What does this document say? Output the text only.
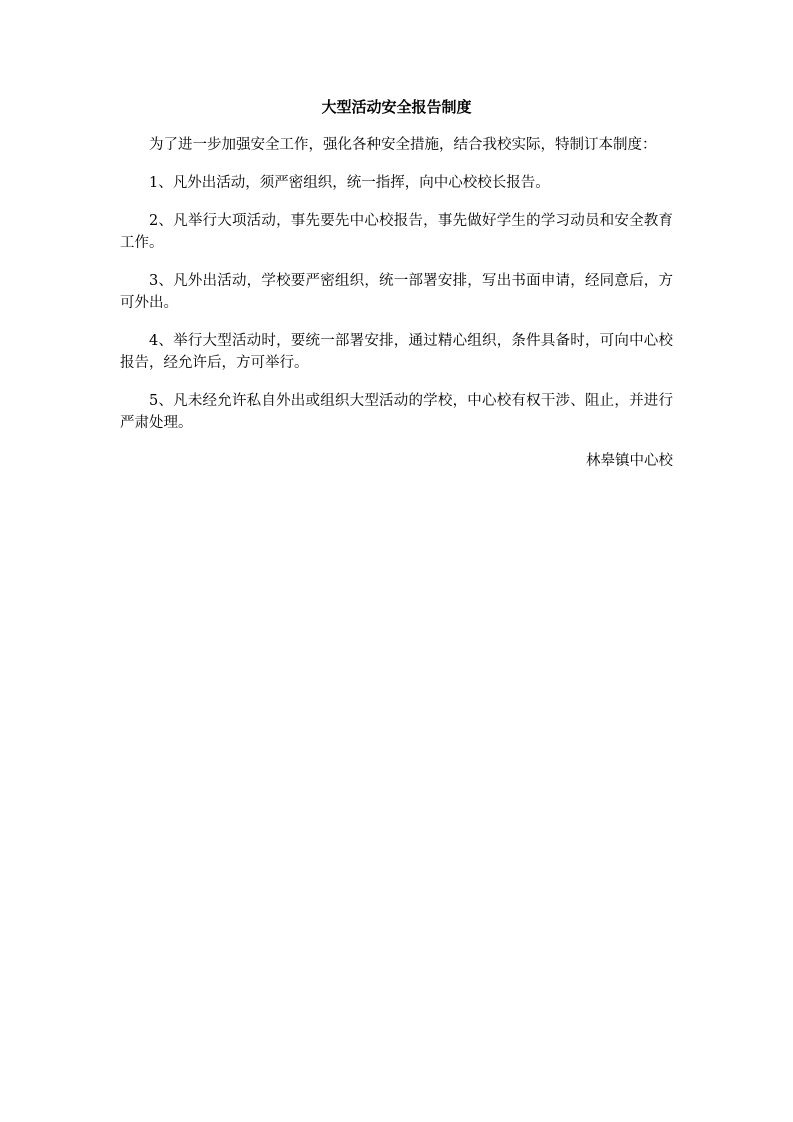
大型活动安全报告制度

为了进一步加强安全工作，强化各种安全措施，结合我校实际，特制订本制度：

1、凡外出活动，须严密组织，统一指挥，向中心校校长报告。

2、凡举行大项活动，事先要先中心校报告，事先做好学生的学习动员和安全教育工作。

3、凡外出活动，学校要严密组织，统一部署安排，写出书面申请，经同意后，方可外出。

4、举行大型活动时，要统一部署安排，通过精心组织，条件具备时，可向中心校报告，经允许后，方可举行。

5、凡未经允许私自外出或组织大型活动的学校，中心校有权干涉、阻止，并进行严肃处理。

林皋镇中心校
